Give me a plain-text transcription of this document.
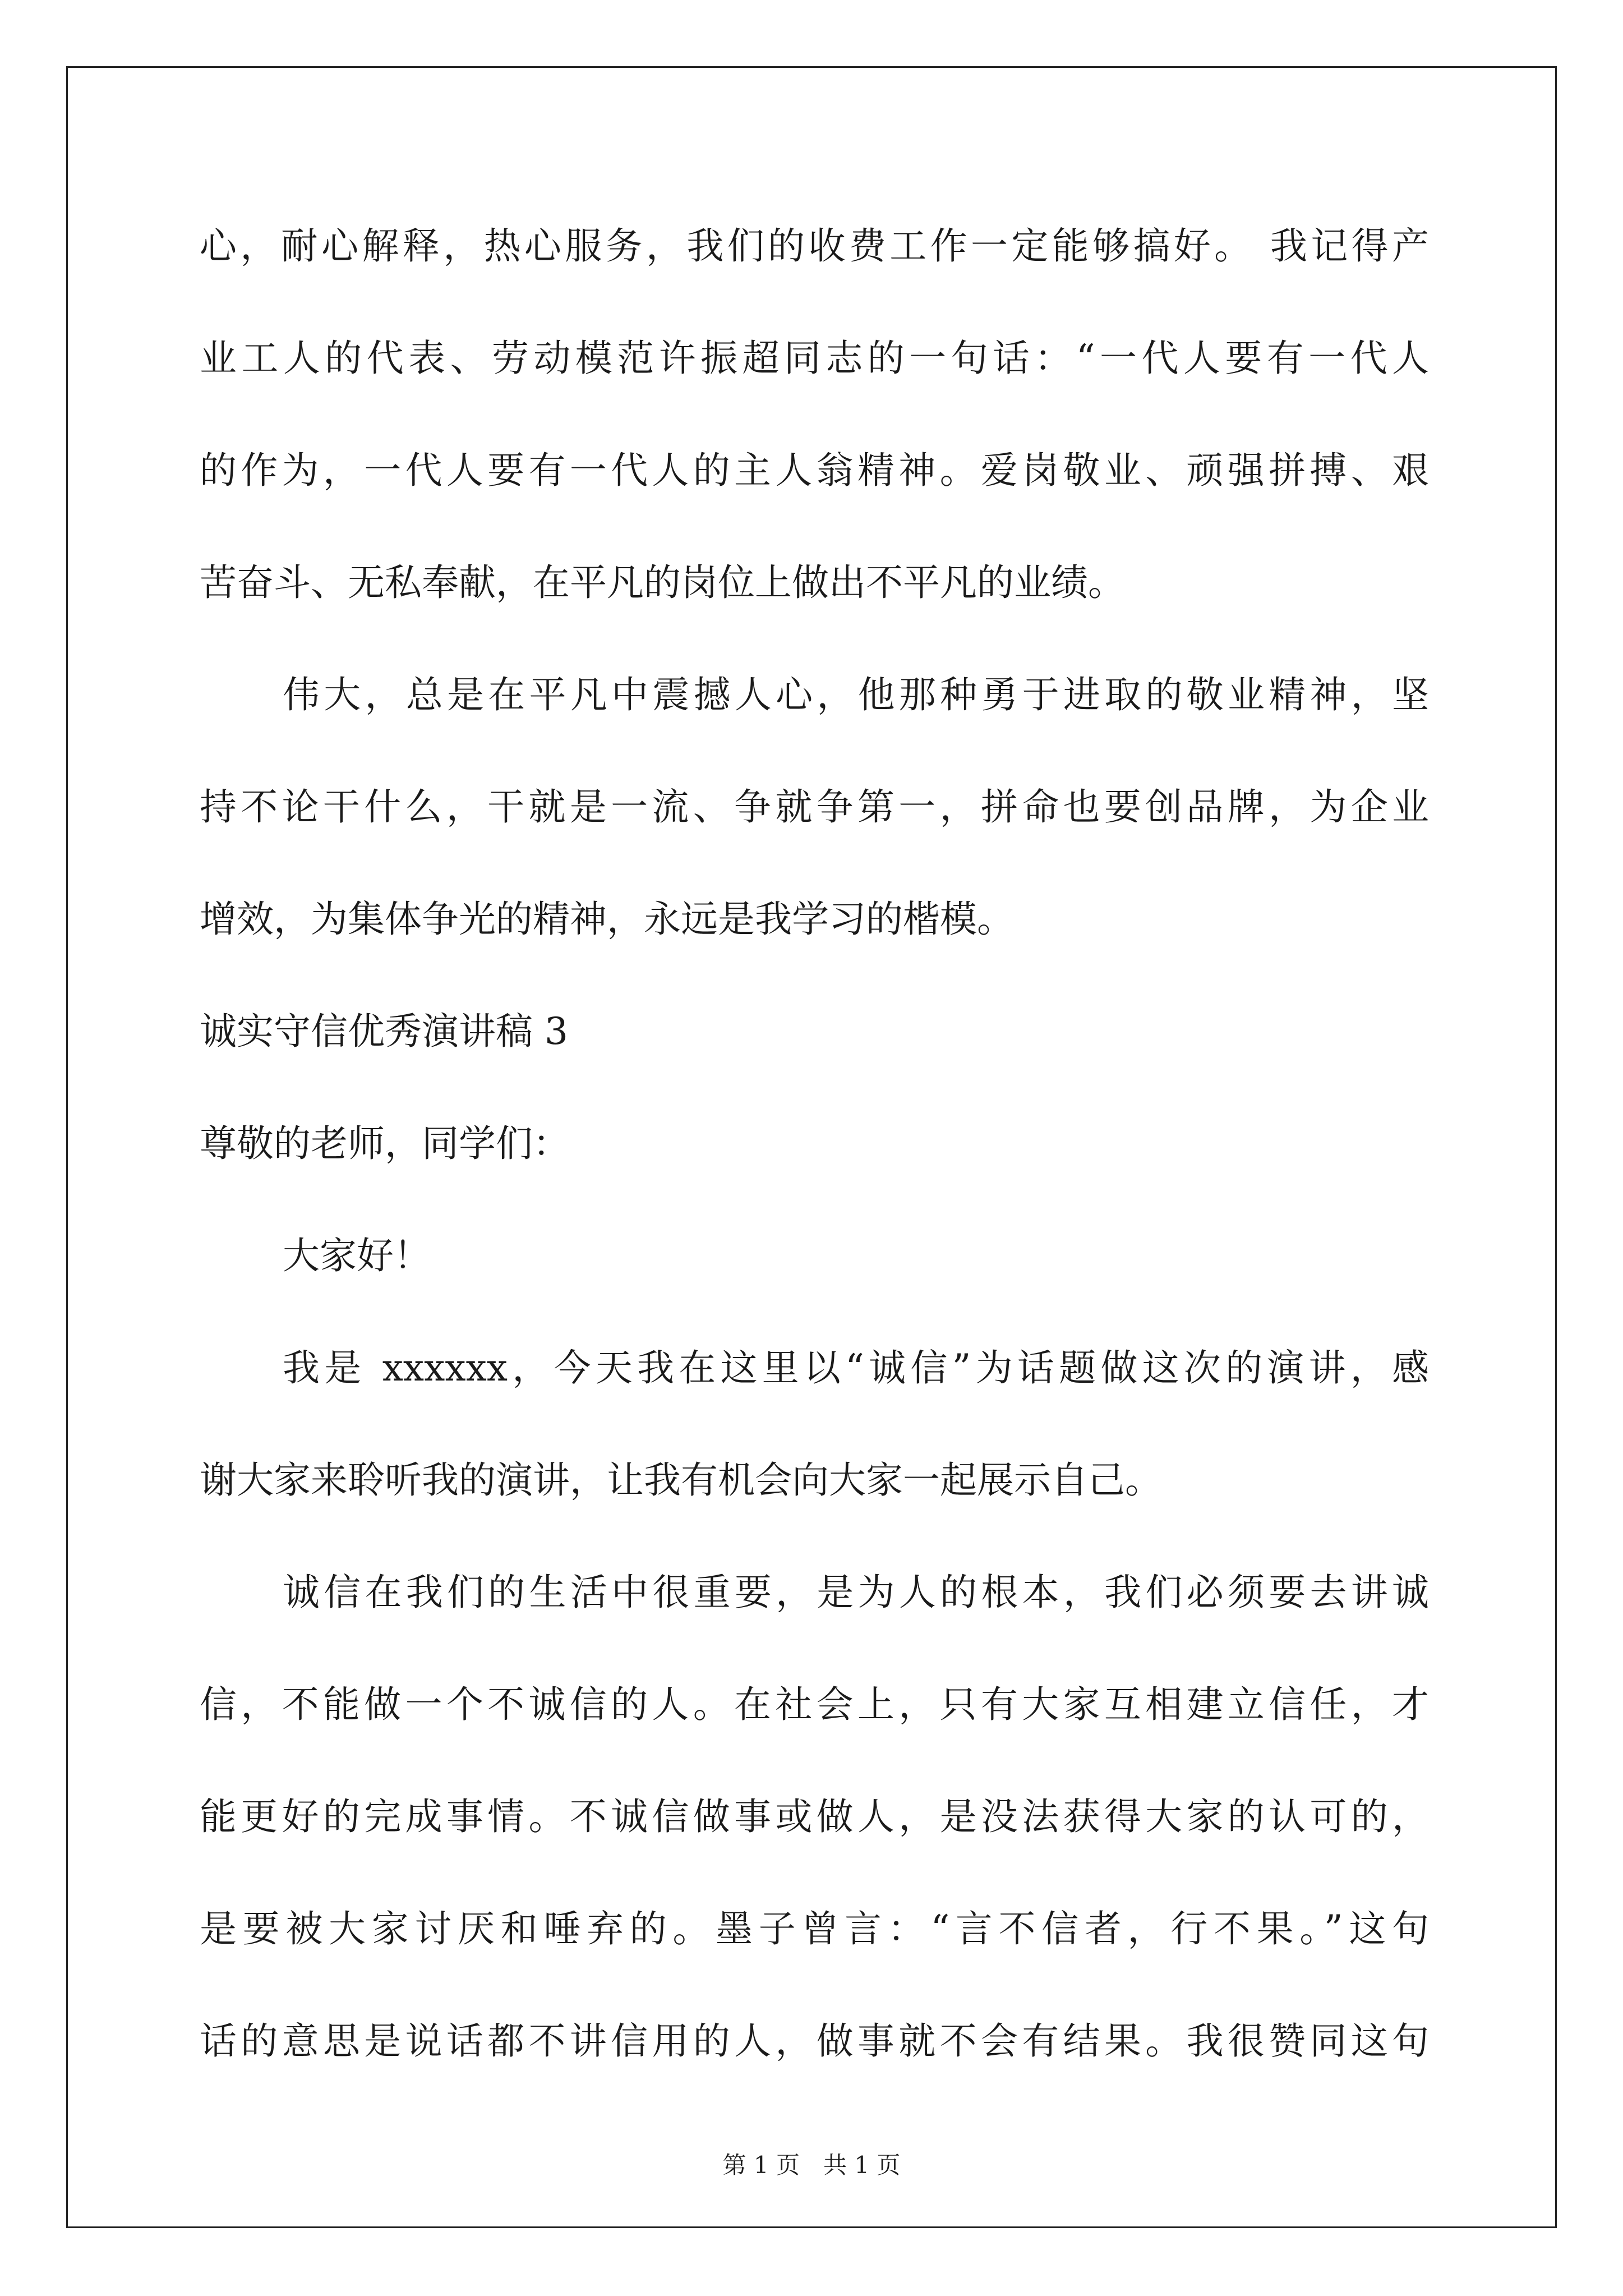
心，耐心解释，热心服务，我们的收费工作一定能够搞好。 我记得产
业工人的代表、劳动模范许振超同志的一句话：“一代人要有一代人
的作为，一代人要有一代人的主人翁精神。爱岗敬业、顽强拼搏、艰
苦奋斗、无私奉献，在平凡的岗位上做出不平凡的业绩。
伟大，总是在平凡中震撼人心，他那种勇于进取的敬业精神，坚
持不论干什么，干就是一流、争就争第一，拼命也要创品牌，为企业
增效，为集体争光的精神，永远是我学习的楷模。
诚实守信优秀演讲稿 3
尊敬的老师，同学们：
大家好！
我是 xxxxxx，今天我在这里以“诚信”为话题做这次的演讲，感
谢大家来聆听我的演讲，让我有机会向大家一起展示自己。
诚信在我们的生活中很重要，是为人的根本，我们必须要去讲诚
信，不能做一个不诚信的人。在社会上，只有大家互相建立信任，才
能更好的完成事情。不诚信做事或做人，是没法获得大家的认可的，
是要被大家讨厌和唾弃的。墨子曾言：“言不信者，行不果。”这句
话的意思是说话都不讲信用的人，做事就不会有结果。我很赞同这句
第 1 页 共 1 页
